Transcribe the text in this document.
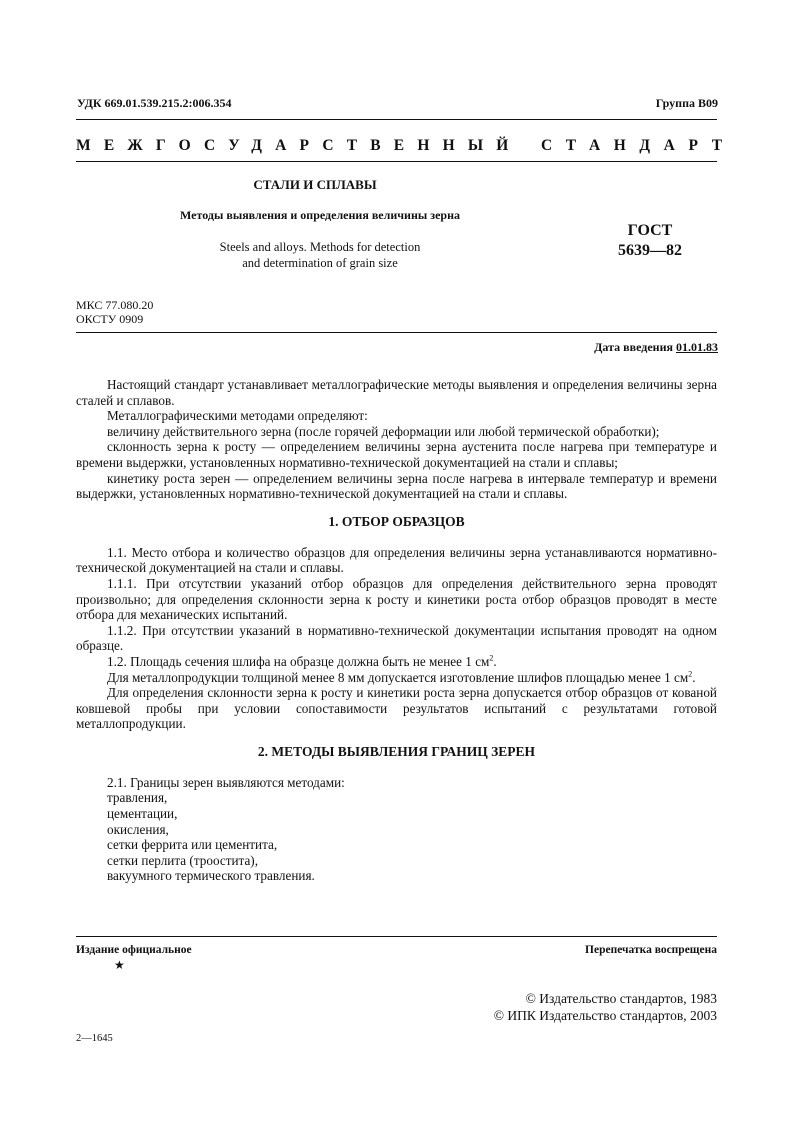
УДК 669.01.539.215.2:006.354	Группа В09
МЕЖГОСУДАРСТВЕННЫЙ СТАНДАРТ
СТАЛИ И СПЛАВЫ
Методы выявления и определения величины зерна
Steels and alloys. Methods for detection
and determination of grain size
ГОСТ
5639—82
МКС 77.080.20
ОКСТУ 0909
Дата введения 01.01.83

Настоящий стандарт устанавливает металлографические методы выявления и определения величины зерна сталей и сплавов.

Металлографическими методами определяют:

величину действительного зерна (после горячей деформации или любой термической обработки);

склонность зерна к росту — определением величины зерна аустенита после нагрева при температуре и времени выдержки, установленных нормативно-технической документацией на стали и сплавы;

кинетику роста зерен — определением величины зерна после нагрева в интервале температур и времени выдержки, установленных нормативно-технической документацией на стали и сплавы.

1. ОТБОР ОБРАЗЦОВ

1.1. Место отбора и количество образцов для определения величины зерна устанавливаются нормативно-технической документацией на стали и сплавы.

1.1.1. При отсутствии указаний отбор образцов для определения действительного зерна проводят произвольно; для определения склонности зерна к росту и кинетики роста отбор образцов проводят в месте отбора для механических испытаний.

1.1.2. При отсутствии указаний в нормативно-технической документации испытания проводят на одном образце.

1.2. Площадь сечения шлифа на образце должна быть не менее 1 $см^2$.

Для металлопродукции толщиной менее 8 мм допускается изготовление шлифов площадью менее 1 $см^2$.

Для определения склонности зерна к росту и кинетики роста зерна допускается отбор образцов от кованой ковшевой пробы при условии сопоставимости результатов испытаний с результатами готовой металлопродукции.

2. МЕТОДЫ ВЫЯВЛЕНИЯ ГРАНИЦ ЗЕРЕН

2.1. Границы зерен выявляются методами:

травления,

цементации,

окисления,

сетки феррита или цементита,

сетки перлита (троостита),

вакуумного термического травления.

Издание официальное
★
Перепечатка воспрещена
© Издательство стандартов, 1983
© ИПК Издательство стандартов, 2003
2—1645
